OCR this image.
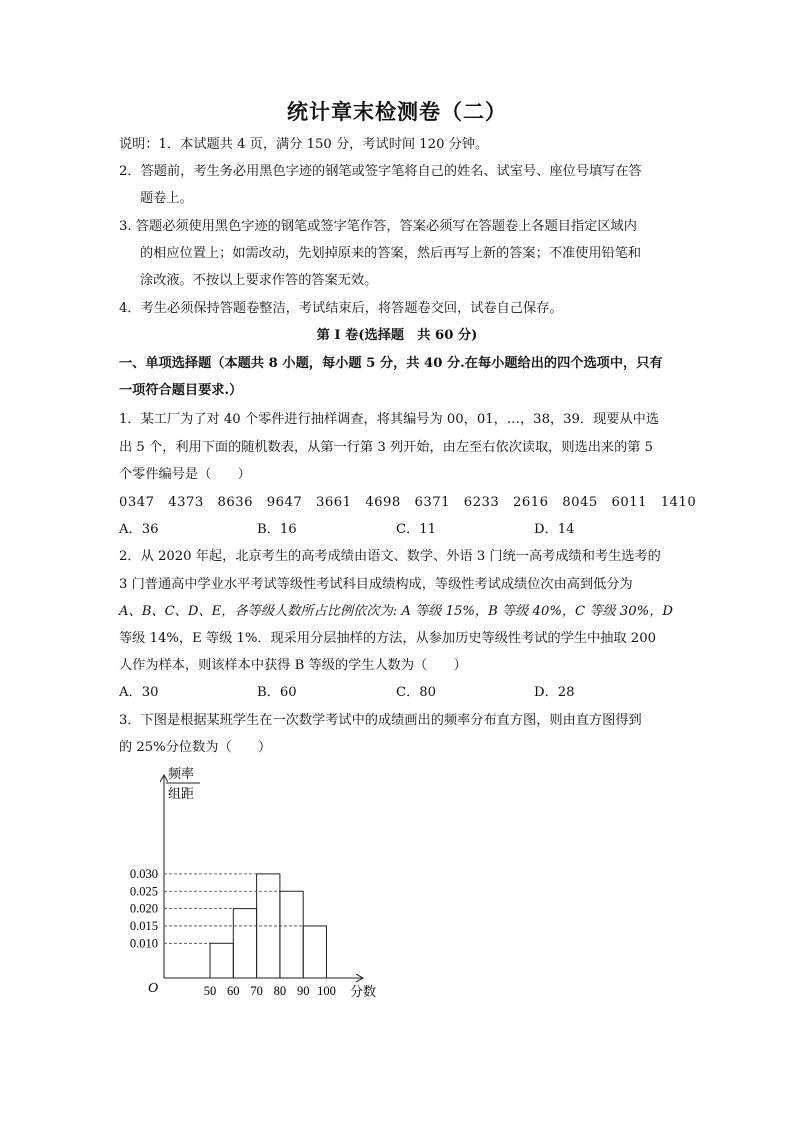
统计章末检测卷（二）
说明：1．本试题共 4 页，满分 150 分，考试时间 120 分钟。
2．答题前，考生务必用黑色字迹的钢笔或签字笔将自己的姓名、试室号、座位号填写在答
题卷上。
3. 答题必须使用黑色字迹的钢笔或签字笔作答，答案必须写在答题卷上各题目指定区域内
的相应位置上；如需改动，先划掉原来的答案，然后再写上新的答案；不准使用铅笔和
涂改液。不按以上要求作答的答案无效。
4．考生必须保持答题卷整洁，考试结束后，将答题卷交回，试卷自己保存。
第 I 卷(选择题　共 60 分)
一、单项选择题（本题共 8 小题，每小题 5 分，共 40 分.在每小题给出的四个选项中，只有
一项符合题目要求.）
1．某工厂为了对 40 个零件进行抽样调查，将其编号为 00，01，…，38，39．现要从中选
出 5 个，利用下面的随机数表，从第一行第 3 列开始，由左至右依次读取，则选出来的第 5
个零件编号是（　　）
0347　4373　8636　9647　3661　4698　6371　6233　2616　8045　6011　1410
A．36	B．16	C．11	D．14
2．从 2020 年起，北京考生的高考成绩由语文、数学、外语 3 门统一高考成绩和考生选考的
3 门普通高中学业水平考试等级性考试科目成绩构成，等级性考试成绩位次由高到低分为
A、B、C、D、E，各等级人数所占比例依次为: A 等级 15%，B 等级 40%，C 等级 30%，D
等级 14%，E 等级 1%．现采用分层抽样的方法，从参加历史等级性考试的学生中抽取 200
人作为样本，则该样本中获得 B 等级的学生人数为（　　）
A．30	B．60	C．80	D．28
3．下图是根据某班学生在一次数学考试中的成绩画出的频率分布直方图，则由直方图得到
的 25%分位数为（　　）
频率
组距
0.030
0.025
0.020
0.015
0.010
50 60 70 80 90 100
O	分数
